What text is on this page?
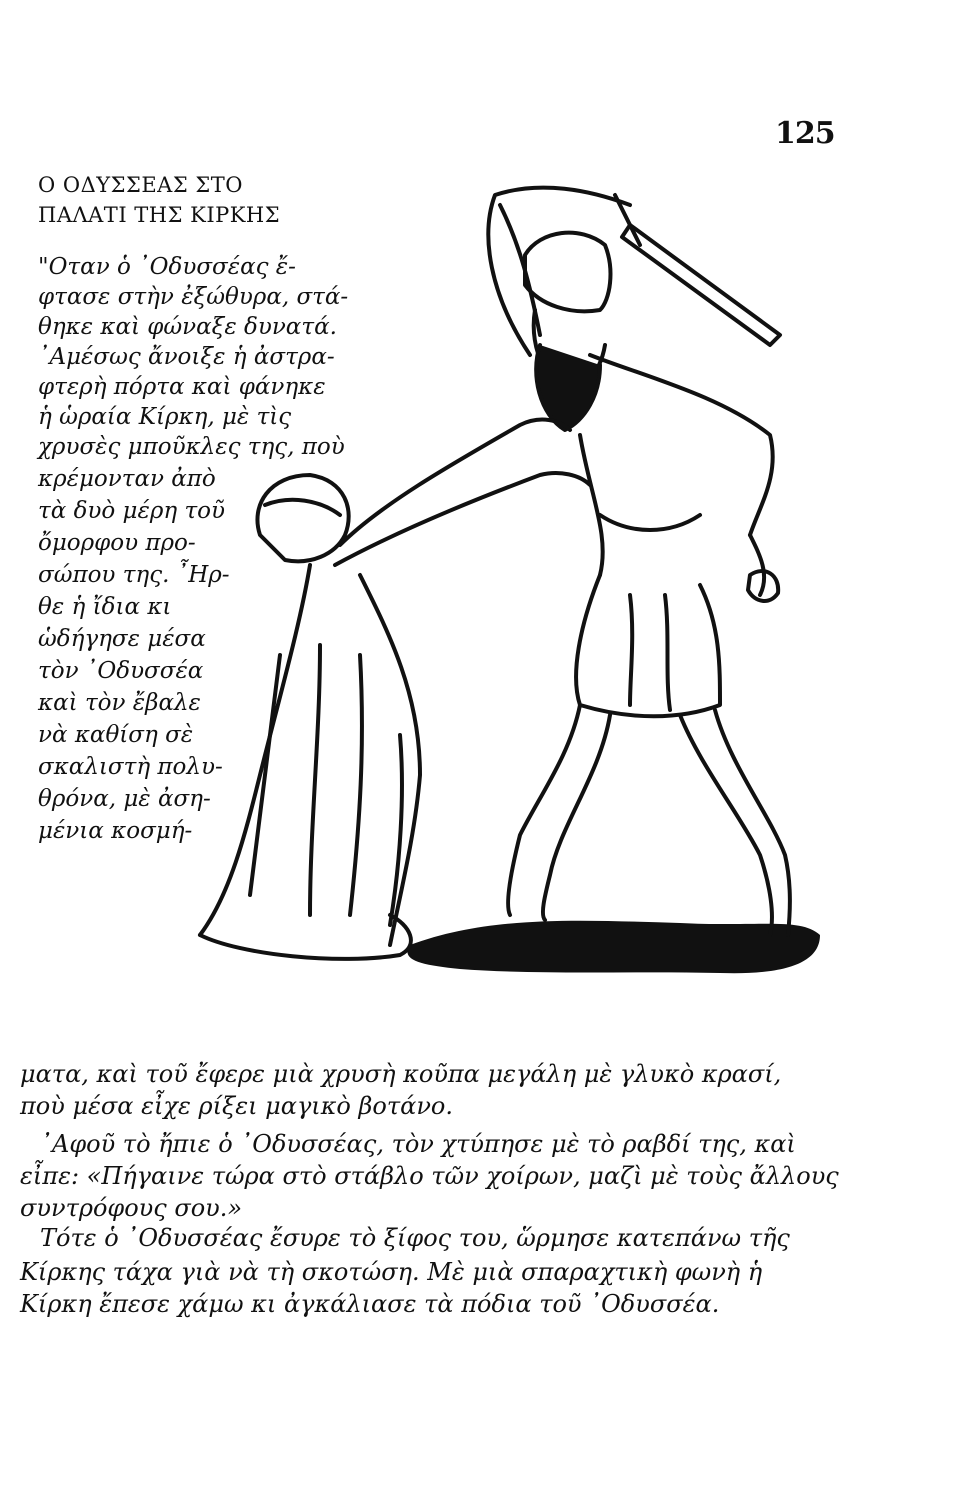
125
Ο ΟΔΥΣΣΕΑΣ ΣΤΟ
ΠΑΛΑΤΙ ΤΗΣ ΚΙΡΚΗΣ
"Οταν ὁ ᾿Οδυσσέας ἔ-
φτασε στὴν ἐξώθυρα, στά-
θηκε καὶ φώναξε δυνατά.
᾿Αμέσως ἄνοιξε ἡ ἀστρα-
φτερὴ πόρτα καὶ φάνηκε
ἡ ὡραία Κίρκη, μὲ τὶς
χρυσὲς μποῦκλες της, ποὺ
κρέμονταν ἀπὸ
τὰ δυὸ μέρη τοῦ
ὄμορφου προ-
σώπου της. ῏Ηρ-
θε ἡ ἴδια κι
ὡδήγησε μέσα
τὸν ᾿Οδυσσέα
καὶ τὸν ἔβαλε
νὰ καθίση σὲ
σκαλιστὴ πολυ-
θρόνα, μὲ ἀση-
μένια κοσμή-
ματα, καὶ τοῦ ἔφερε μιὰ χρυσὴ κοῦπα μεγάλη μὲ γλυκὸ κρασί,
ποὺ μέσα εἶχε ρίξει μαγικὸ βοτάνο.
᾿Αφοῦ τὸ ἤπιε ὁ ᾿Οδυσσέας, τὸν χτύπησε μὲ τὸ ραβδί της, καὶ
εἶπε: «Πήγαινε τώρα στὸ στάβλο τῶν χοίρων, μαζὶ μὲ τοὺς ἄλλους
συντρόφους σου.»
Τότε ὁ ᾿Οδυσσέας ἔσυρε τὸ ξίφος του, ὥρμησε κατεπάνω τῆς
Κίρκης τάχα γιὰ νὰ τὴ σκοτώση. Μὲ μιὰ σπαραχτικὴ φωνὴ ἡ
Κίρκη ἔπεσε χάμω κι ἀγκάλιασε τὰ πόδια τοῦ ᾿Οδυσσέα.
